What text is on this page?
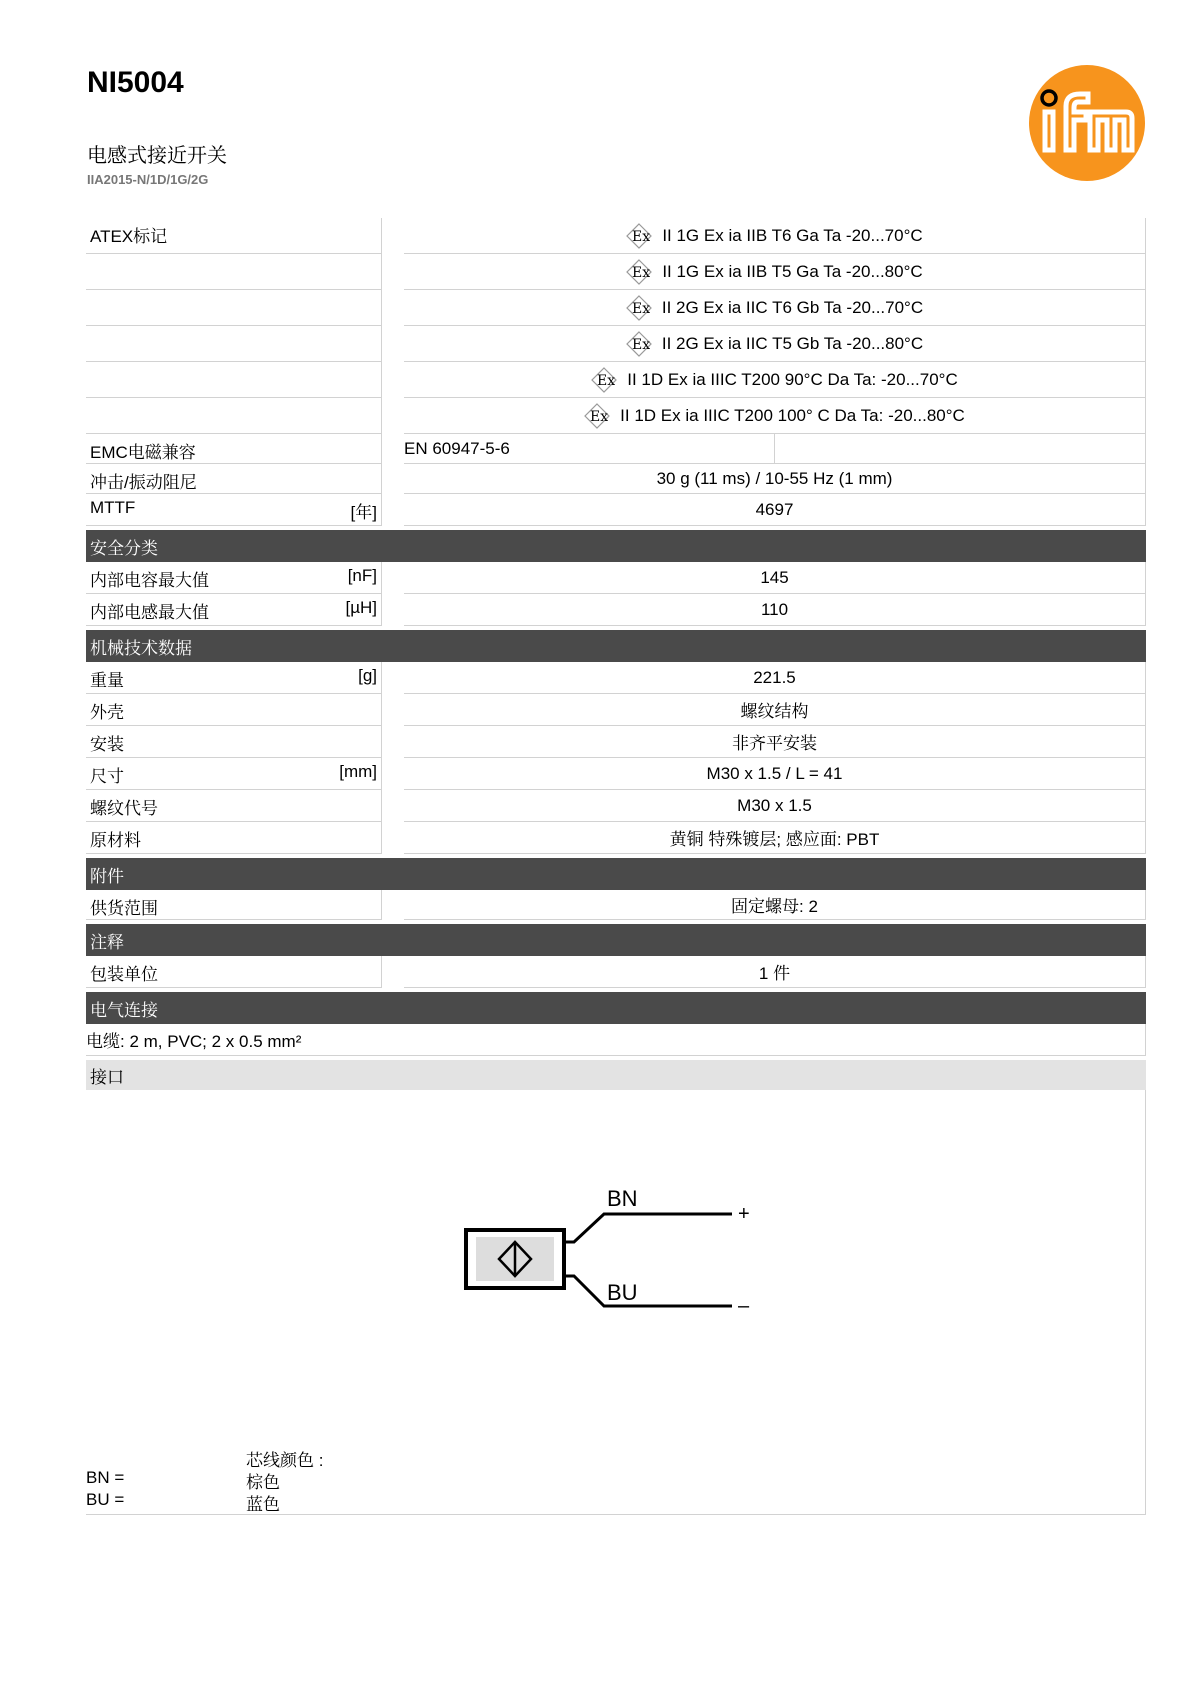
NI5004
电感式接近开关
IIA2015-N/1D/1G/2G
ATEX标记	Ex II 1G Ex ia IIB T6 Ga Ta -20...70°C
Ex II 1G Ex ia IIB T5 Ga Ta -20...80°C
Ex II 2G Ex ia IIC T6 Gb Ta -20...70°C
Ex II 2G Ex ia IIC T5 Gb Ta -20...80°C
Ex II 1D Ex ia IIIC T200 90°C Da Ta: -20...70°C
Ex II 1D Ex ia IIIC T200 100° C Da Ta: -20...80°C
EMC电磁兼容	EN 60947-5-6
冲击/振动阻尼	30 g (11 ms) / 10-55 Hz (1 mm)
MTTF	[年]	4697
安全分类
内部电容最大值	[nF]	145
内部电感最大值	[µH]	110
机械技术数据
重量	[g]	221.5
外壳	螺纹结构
安装	非齐平安装
尺寸	[mm]	M30 x 1.5 / L = 41
螺纹代号	M30 x 1.5
原材料	黄铜 特殊镀层; 感应面: PBT
附件
供货范围	固定螺母: 2
注释
包装单位	1 件
电气连接
电缆: 2 m, PVC; 2 x 0.5 mm²
接口
BN
BU
+
–
芯线颜色 :
BN =	棕色
BU =	蓝色
